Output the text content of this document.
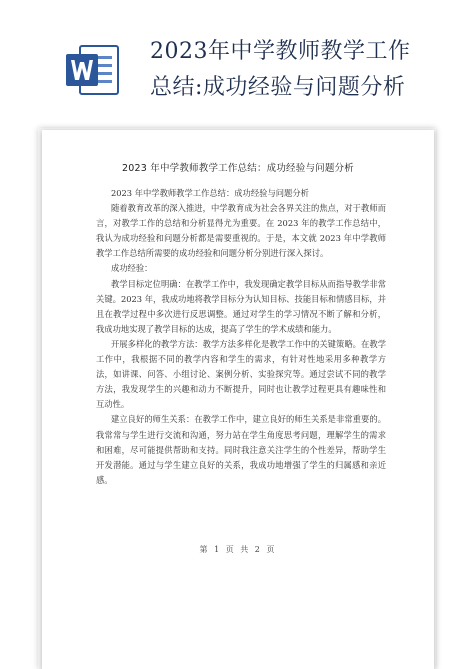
2023年中学教师教学工作
总结:成功经验与问题分析
2023 年中学教师教学工作总结：成功经验与问题分析

2023 年中学教师教学工作总结：成功经验与问题分析

随着教育改革的深入推进，中学教育成为社会各界关注的焦点，对于教师而言，对教学工作的总结和分析显得尤为重要。在 2023 年的教学工作总结中，我认为成功经验和问题分析都是需要重视的。于是，本文就 2023 年中学教师教学工作总结所需要的成功经验和问题分析分别进行深入探讨。

成功经验：

教学目标定位明确：在教学工作中，我发现确定教学目标从而指导教学非常关键。2023 年，我成功地将教学目标分为认知目标、技能目标和情感目标，并且在教学过程中多次进行反思调整。通过对学生的学习情况不断了解和分析，我成功地实现了教学目标的达成，提高了学生的学术成绩和能力。

开展多样化的教学方法：教学方法多样化是教学工作中的关键策略。在教学工作中，我根据不同的教学内容和学生的需求，有针对性地采用多种教学方法，如讲课、问答、小组讨论、案例分析、实验探究等。通过尝试不同的教学方法，我发现学生的兴趣和动力不断提升，同时也让教学过程更具有趣味性和互动性。

建立良好的师生关系：在教学工作中，建立良好的师生关系是非常重要的。我常常与学生进行交流和沟通，努力站在学生角度思考问题，理解学生的需求和困难，尽可能提供帮助和支持。同时我注意关注学生的个性差异，帮助学生开发潜能。通过与学生建立良好的关系，我成功地增强了学生的归属感和亲近感。

第 1 页 共 2 页
